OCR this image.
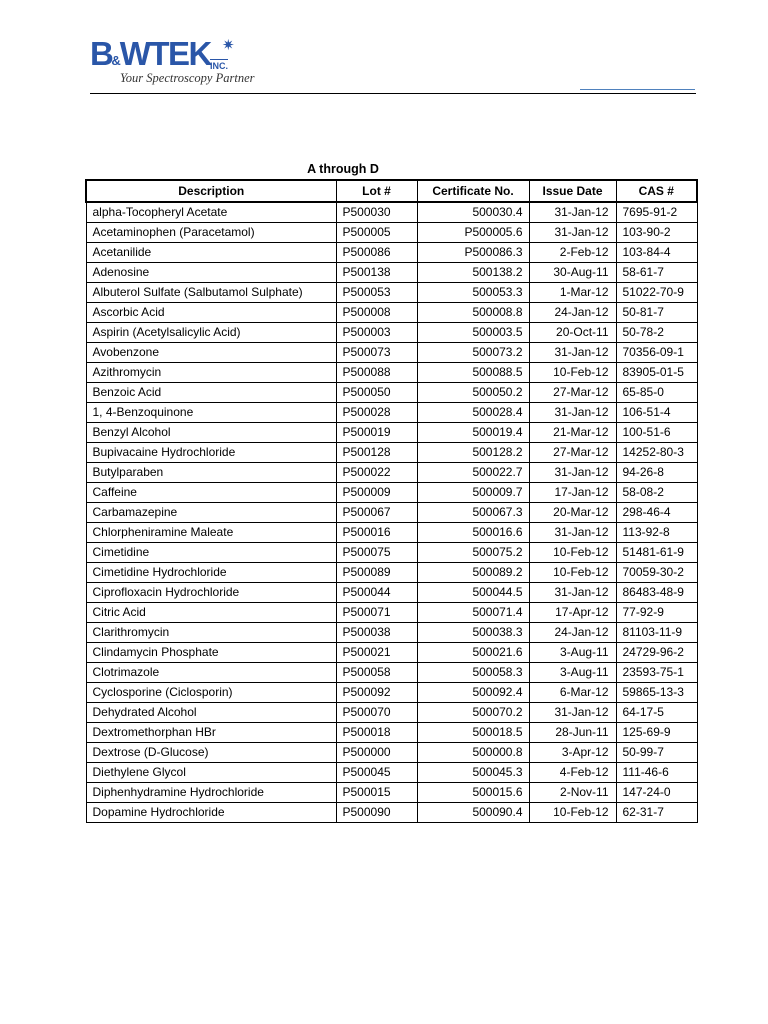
B&WTEK ✷
INC.
Your Spectroscopy Partner
A through D
Description	Lot #	Certificate No.	Issue Date	CAS #
alpha-Tocopheryl Acetate	P500030	500030.4	31-Jan-12	7695-91-2
Acetaminophen (Paracetamol)	P500005	P500005.6	31-Jan-12	103-90-2
Acetanilide	P500086	P500086.3	2-Feb-12	103-84-4
Adenosine	P500138	500138.2	30-Aug-11	58-61-7
Albuterol Sulfate (Salbutamol Sulphate)	P500053	500053.3	1-Mar-12	51022-70-9
Ascorbic Acid	P500008	500008.8	24-Jan-12	50-81-7
Aspirin (Acetylsalicylic Acid)	P500003	500003.5	20-Oct-11	50-78-2
Avobenzone	P500073	500073.2	31-Jan-12	70356-09-1
Azithromycin	P500088	500088.5	10-Feb-12	83905-01-5
Benzoic Acid	P500050	500050.2	27-Mar-12	65-85-0
1, 4-Benzoquinone	P500028	500028.4	31-Jan-12	106-51-4
Benzyl Alcohol	P500019	500019.4	21-Mar-12	100-51-6
Bupivacaine Hydrochloride	P500128	500128.2	27-Mar-12	14252-80-3
Butylparaben	P500022	500022.7	31-Jan-12	94-26-8
Caffeine	P500009	500009.7	17-Jan-12	58-08-2
Carbamazepine	P500067	500067.3	20-Mar-12	298-46-4
Chlorpheniramine Maleate	P500016	500016.6	31-Jan-12	113-92-8
Cimetidine	P500075	500075.2	10-Feb-12	51481-61-9
Cimetidine Hydrochloride	P500089	500089.2	10-Feb-12	70059-30-2
Ciprofloxacin Hydrochloride	P500044	500044.5	31-Jan-12	86483-48-9
Citric Acid	P500071	500071.4	17-Apr-12	77-92-9
Clarithromycin	P500038	500038.3	24-Jan-12	81103-11-9
Clindamycin Phosphate	P500021	500021.6	3-Aug-11	24729-96-2
Clotrimazole	P500058	500058.3	3-Aug-11	23593-75-1
Cyclosporine (Ciclosporin)	P500092	500092.4	6-Mar-12	59865-13-3
Dehydrated Alcohol	P500070	500070.2	31-Jan-12	64-17-5
Dextromethorphan HBr	P500018	500018.5	28-Jun-11	125-69-9
Dextrose (D-Glucose)	P500000	500000.8	3-Apr-12	50-99-7
Diethylene Glycol	P500045	500045.3	4-Feb-12	111-46-6
Diphenhydramine Hydrochloride	P500015	500015.6	2-Nov-11	147-24-0
Dopamine Hydrochloride	P500090	500090.4	10-Feb-12	62-31-7
